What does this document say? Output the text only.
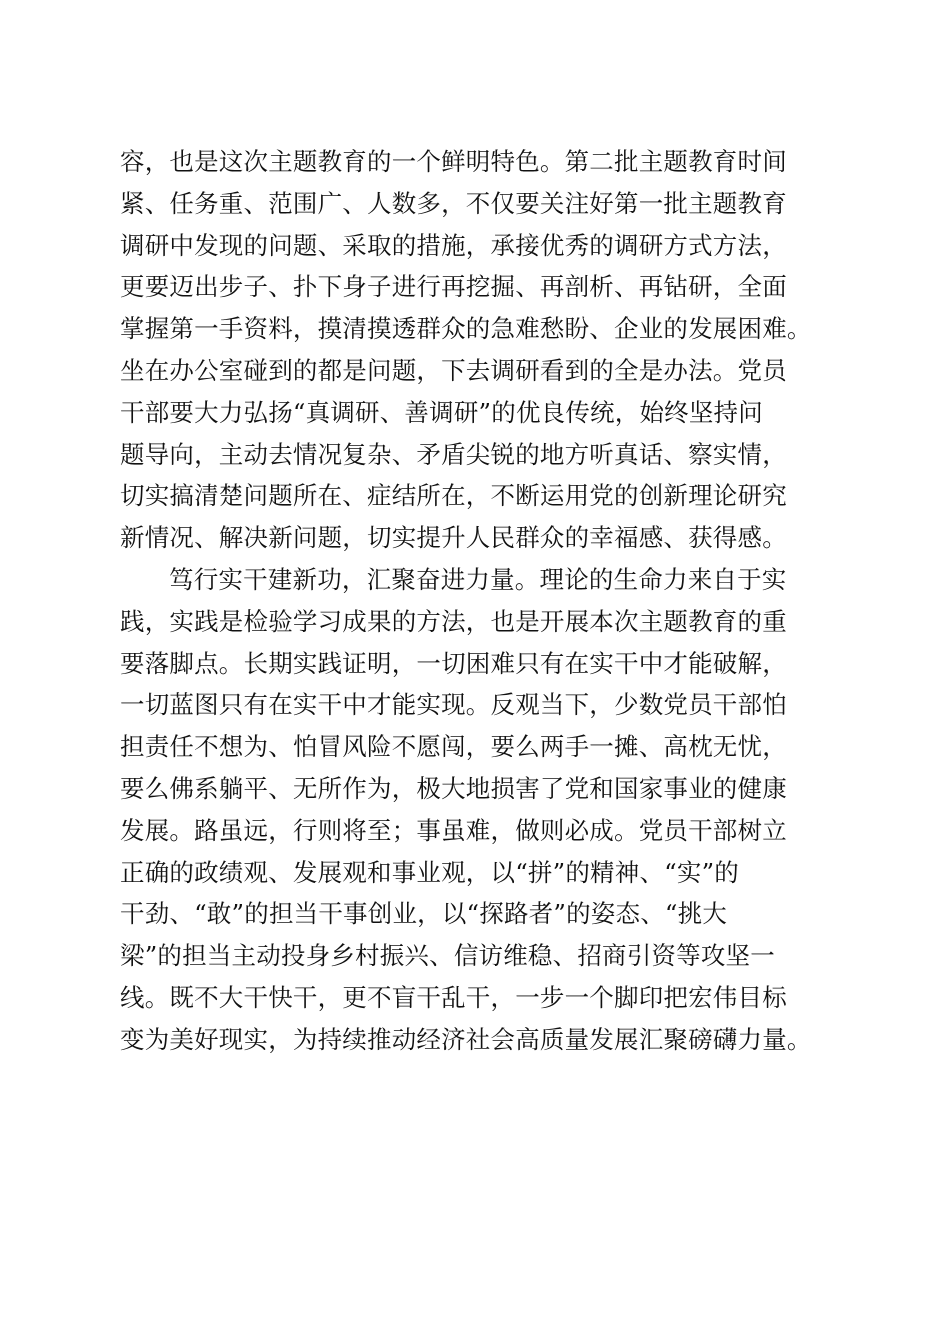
容，也是这次主题教育的一个鲜明特色。第二批主题教育时间
紧、任务重、范围广、人数多，不仅要关注好第一批主题教育
调研中发现的问题、采取的措施，承接优秀的调研方式方法，
更要迈出步子、扑下身子进行再挖掘、再剖析、再钻研，全面
掌握第一手资料，摸清摸透群众的急难愁盼、企业的发展困难。
坐在办公室碰到的都是问题，下去调研看到的全是办法。党员
干部要大力弘扬“真调研、善调研”的优良传统，始终坚持问
题导向，主动去情况复杂、矛盾尖锐的地方听真话、察实情，
切实搞清楚问题所在、症结所在，不断运用党的创新理论研究
新情况、解决新问题，切实提升人民群众的幸福感、获得感。
笃行实干建新功，汇聚奋进力量。理论的生命力来自于实
践，实践是检验学习成果的方法，也是开展本次主题教育的重
要落脚点。长期实践证明，一切困难只有在实干中才能破解，
一切蓝图只有在实干中才能实现。反观当下，少数党员干部怕
担责任不想为、怕冒风险不愿闯，要么两手一摊、高枕无忧，
要么佛系躺平、无所作为，极大地损害了党和国家事业的健康
发展。路虽远，行则将至；事虽难，做则必成。党员干部树立
正确的政绩观、发展观和事业观，以“拼”的精神、“实”的
干劲、“敢”的担当干事创业，以“探路者”的姿态、“挑大
梁”的担当主动投身乡村振兴、信访维稳、招商引资等攻坚一
线。既不大干快干，更不盲干乱干，一步一个脚印把宏伟目标
变为美好现实，为持续推动经济社会高质量发展汇聚磅礴力量。
